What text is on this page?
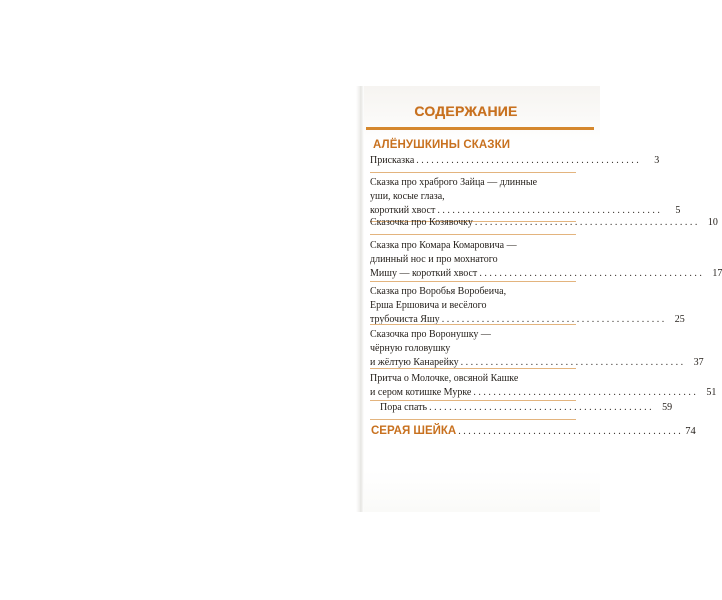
СОДЕРЖАНИЕ
АЛЁНУШКИНЫ СКАЗКИ
Присказка .............................................	3
Сказка про храброго Зайца — длинные
уши, косые глаза,
короткий хвост .............................................	5
Сказочка про Козявочку ............................................. 10
Сказка про Комара Комаровича —
длинный нос и про мохнатого
Мишу — короткий хвост ............................................. 17
Сказка про Воробья Воробеича,
Ерша Ершовича и весёлого
трубочиста Яшу ............................................. 25
Сказочка про Воронушку —
чёрную головушку
и жёлтую Канарейку ............................................. 37
Притча о Молочке, овсяной Кашке
и сером котишке Мурке ............................................. 51
Пора спать ............................................. 59
СЕРАЯ ШЕЙКА ............................................. 74
